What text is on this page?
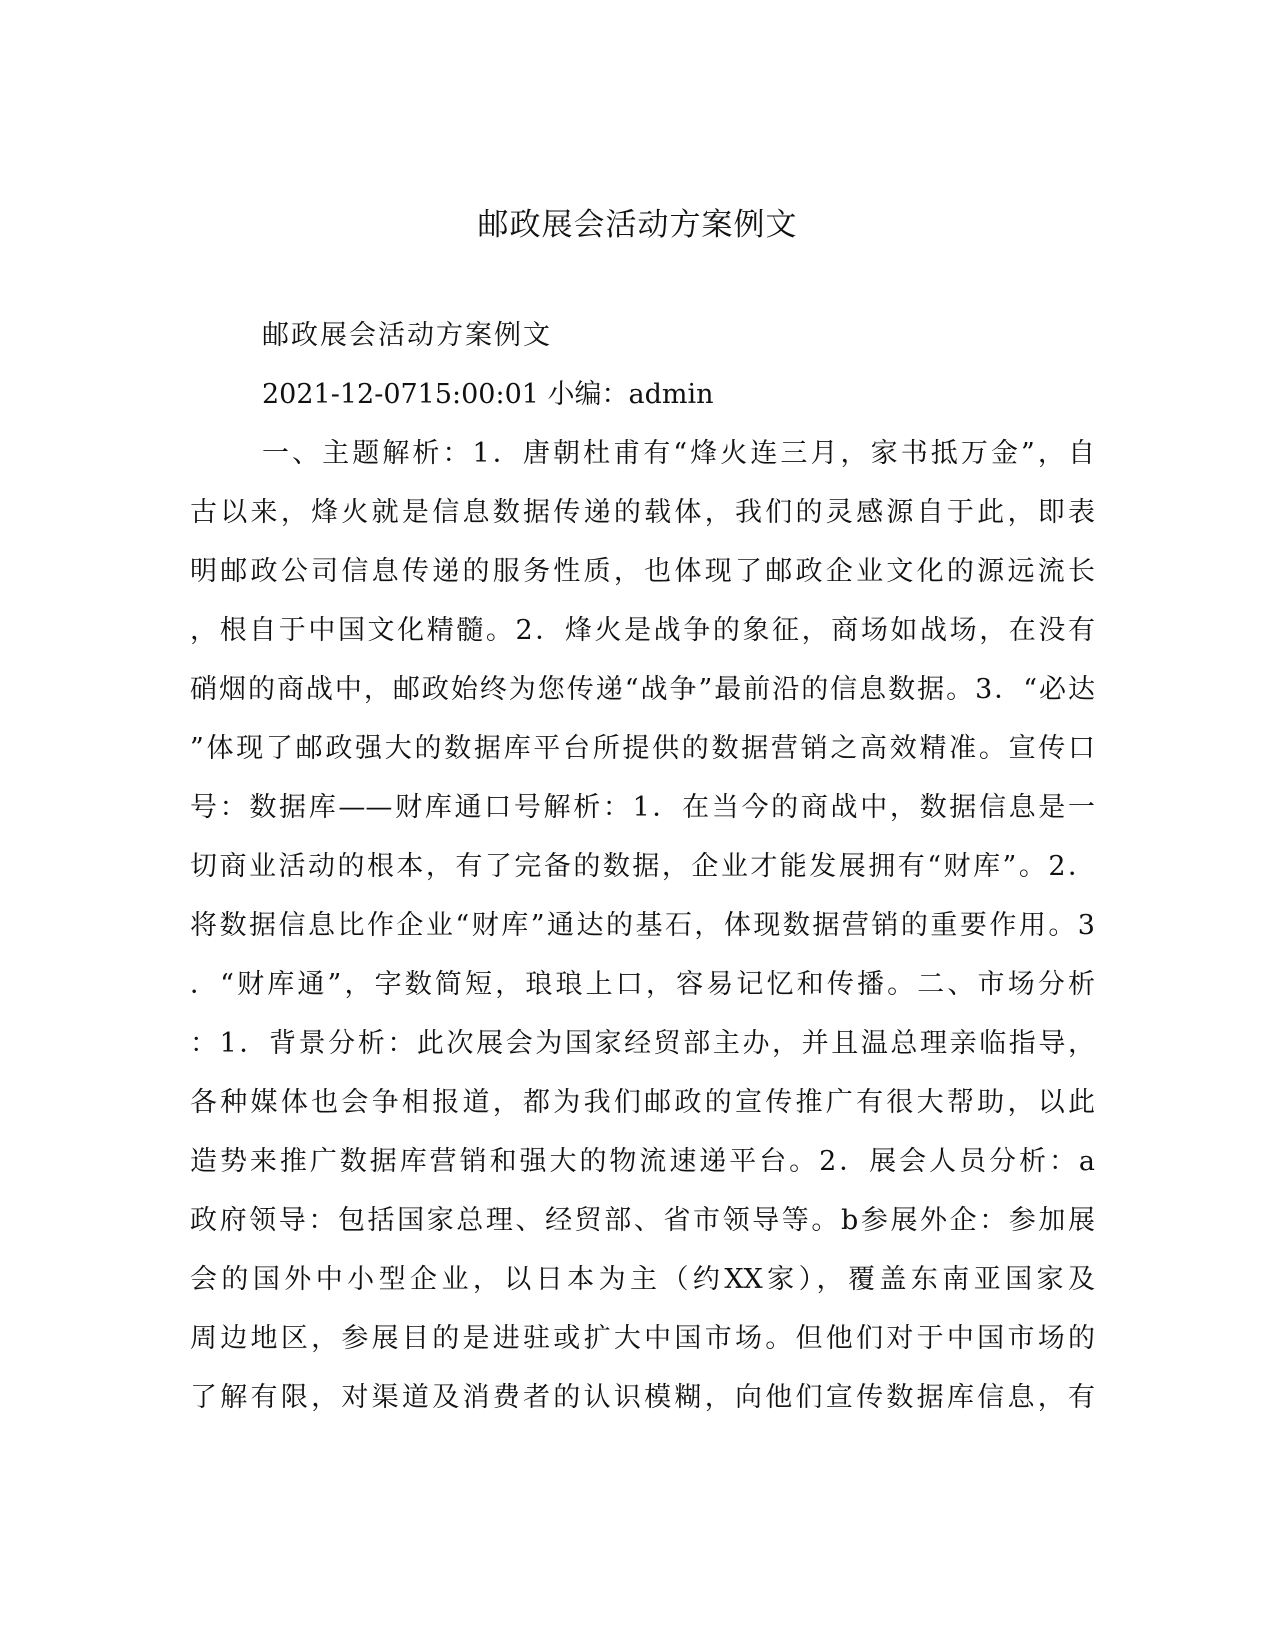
邮政展会活动方案例文
邮政展会活动方案例文
2021-12-0715:00:01 小编：admin
一、主题解析：1．唐朝杜甫有“烽火连三月，家书抵万金”，自
古以来，烽火就是信息数据传递的载体，我们的灵感源自于此，即表
明邮政公司信息传递的服务性质，也体现了邮政企业文化的源远流长
，根自于中国文化精髓。2．烽火是战争的象征，商场如战场，在没有
硝烟的商战中，邮政始终为您传递“战争”最前沿的信息数据。3．“必达
”体现了邮政强大的数据库平台所提供的数据营销之高效精准。宣传口
号：数据库——财库通口号解析：1．在当今的商战中，数据信息是一
切商业活动的根本，有了完备的数据，企业才能发展拥有“财库”。2．
将数据信息比作企业“财库”通达的基石，体现数据营销的重要作用。3
．“财库通”，字数简短，琅琅上口，容易记忆和传播。二、市场分析
：1．背景分析：此次展会为国家经贸部主办，并且温总理亲临指导，
各种媒体也会争相报道，都为我们邮政的宣传推广有很大帮助，以此
造势来推广数据库营销和强大的物流速递平台。2．展会人员分析：a
政府领导：包括国家总理、经贸部、省市领导等。b参展外企：参加展
会的国外中小型企业，以日本为主（约XX家），覆盖东南亚国家及
周边地区，参展目的是进驻或扩大中国市场。但他们对于中国市场的
了解有限，对渠道及消费者的认识模糊，向他们宣传数据库信息，有
